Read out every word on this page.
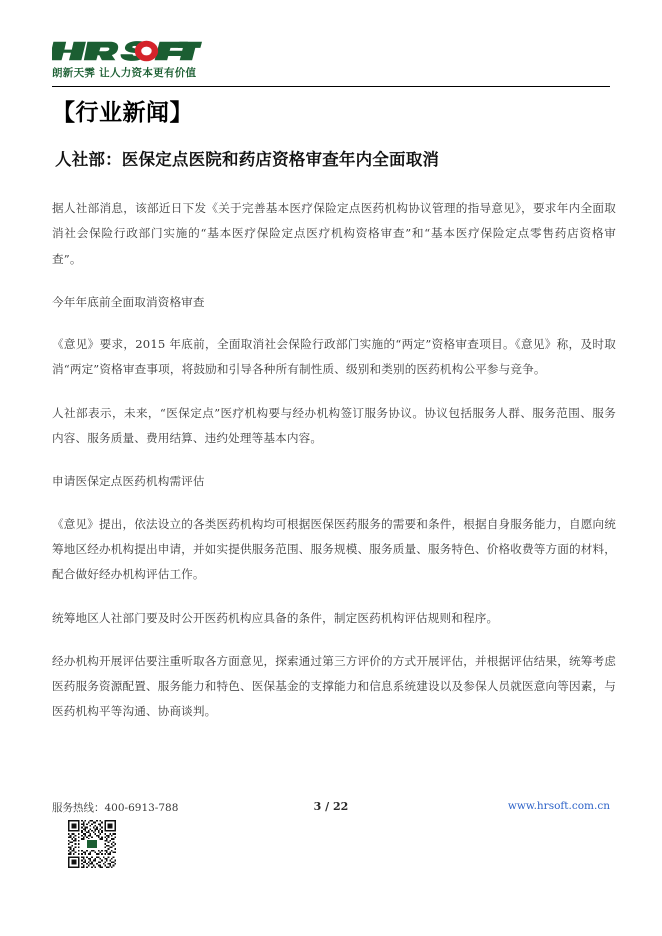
朗新天霁 让人力资本更有价值
【行业新闻】
人社部：医保定点医院和药店资格审查年内全面取消

据人社部消息，该部近日下发《关于完善基本医疗保险定点医药机构协议管理的指导意见》，要求年内全面取消社会保险行政部门实施的“基本医疗保险定点医疗机构资格审查”和“基本医疗保险定点零售药店资格审查”。

今年年底前全面取消资格审查

《意见》要求，2015 年底前，全面取消社会保险行政部门实施的“两定”资格审查项目。《意见》称，及时取消“两定”资格审查事项，将鼓励和引导各种所有制性质、级别和类别的医药机构公平参与竞争。

人社部表示，未来，“医保定点”医疗机构要与经办机构签订服务协议。协议包括服务人群、服务范围、服务内容、服务质量、费用结算、违约处理等基本内容。

申请医保定点医药机构需评估

《意见》提出，依法设立的各类医药机构均可根据医保医药服务的需要和条件，根据自身服务能力，自愿向统筹地区经办机构提出申请，并如实提供服务范围、服务规模、服务质量、服务特色、价格收费等方面的材料，配合做好经办机构评估工作。

统筹地区人社部门要及时公开医药机构应具备的条件，制定医药机构评估规则和程序。

经办机构开展评估要注重听取各方面意见，探索通过第三方评价的方式开展评估，并根据评估结果，统筹考虑医药服务资源配置、服务能力和特色、医保基金的支撑能力和信息系统建设以及参保人员就医意向等因素，与医药机构平等沟通、协商谈判。

服务热线：400-6913-788	3 / 22	www.hrsoft.com.cn
